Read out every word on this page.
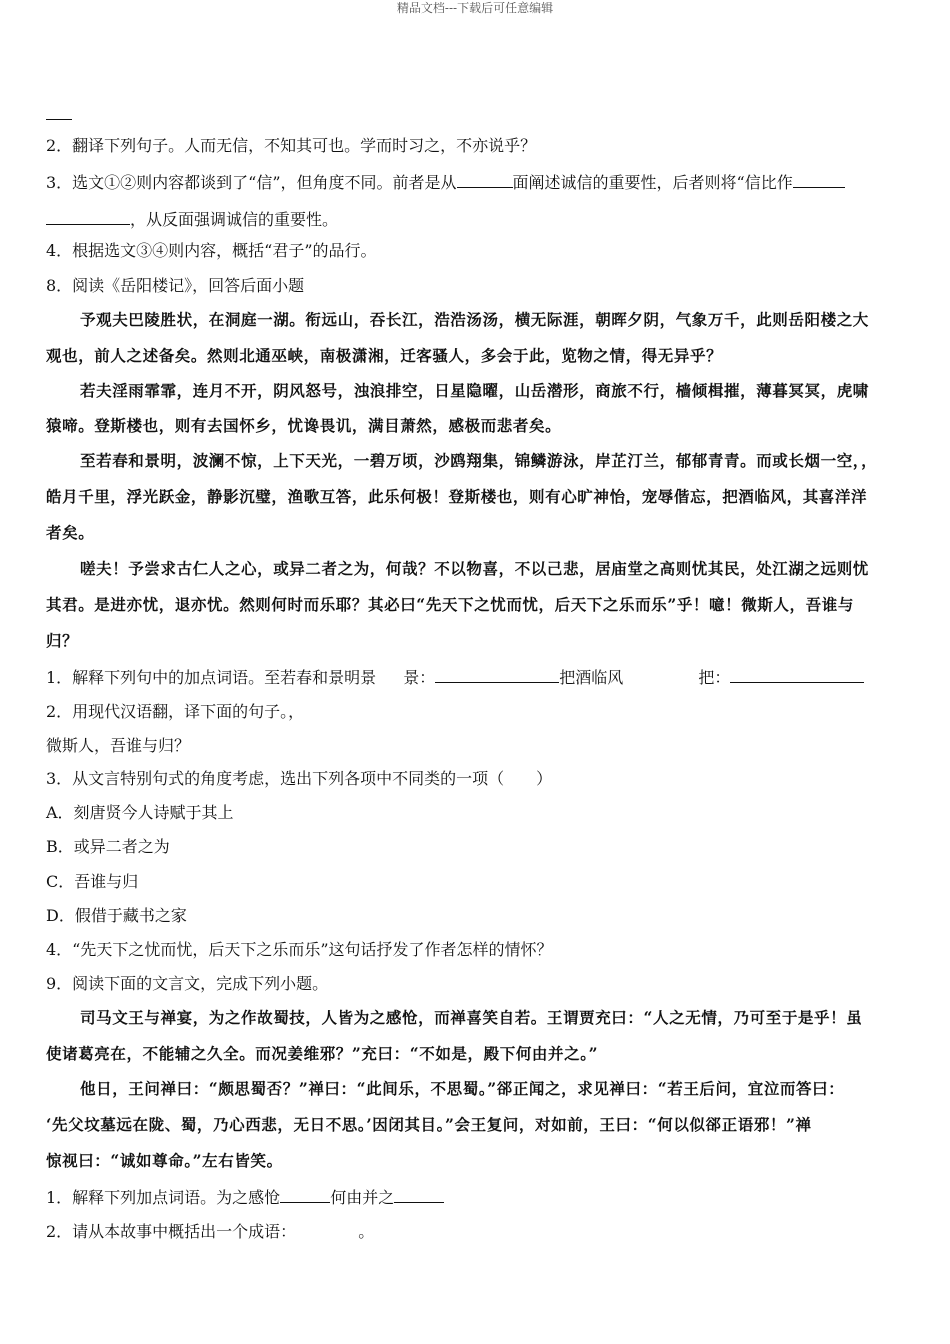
精品文档---下载后可任意编辑
2．翻译下列句子。人而无信，不知其可也。学而时习之，不亦说乎？
3．选文①②则内容都谈到了“信”，但角度不同。前者是从	面阐述诚信的重要性，后者则将“信比作
，从反面强调诚信的重要性。
4．根据选文③④则内容，概括“君子”的品行。
8．阅读《岳阳楼记》，回答后面小题
予观夫巴陵胜状，在洞庭一湖。衔远山，吞长江，浩浩汤汤，横无际涯，朝晖夕阴，气象万千，此则岳阳楼之大
观也，前人之述备矣。然则北通巫峡，南极潇湘，迁客骚人，多会于此，览物之情，得无异乎？
若夫淫雨霏霏，连月不开，阴风怒号，浊浪排空，日星隐曜，山岳潜形，商旅不行，樯倾楫摧，薄暮冥冥，虎啸
猿啼。登斯楼也，则有去国怀乡，忧谗畏讥，满目萧然，感极而悲者矣。
至若春和景明，波澜不惊，上下天光，一碧万顷，沙鸥翔集，锦鳞游泳，岸芷汀兰，郁郁青青。而或长烟一空，，
皓月千里，浮光跃金，静影沉璧，渔歌互答，此乐何极！登斯楼也，则有心旷神怡，宠辱偕忘，把酒临风，其喜洋洋
者矣。
嗟夫！予尝求古仁人之心，或异二者之为，何哉？不以物喜，不以己悲，居庙堂之高则忧其民，处江湖之远则忧
其君。是进亦忧，退亦忧。然则何时而乐耶？其必曰“先天下之忧而忧，后天下之乐而乐”乎！噫！微斯人，吾谁与
归？
1．解释下列句中的加点词语。至若春和景明景 景：	把酒临风	把：
2．用现代汉语翻，译下面的句子。，
微斯人，吾谁与归？
3．从文言特别句式的角度考虑，选出下列各项中不同类的一项（　　）
A．刻唐贤今人诗赋于其上
B．或异二者之为
C．吾谁与归
D．假借于藏书之家
4．“先天下之忧而忧，后天下之乐而乐”这句话抒发了作者怎样的情怀？
9．阅读下面的文言文，完成下列小题。
司马文王与禅宴，为之作故蜀技，人皆为之感怆，而禅喜笑自若。王谓贾充曰：“人之无情，乃可至于是乎！虽
使诸葛亮在，不能辅之久全。而况姜维邪？”充曰：“不如是，殿下何由并之。”
他日，王问禅曰：“颇思蜀否？”禅曰：“此间乐，不思蜀。”郤正闻之，求见禅曰：“若王后问，宜泣而答曰：
‘先父坟墓远在陇、蜀，乃心西悲，无日不思。’因闭其目。”会王复问，对如前，王曰：“何以似郤正语邪！”禅
惊视曰：“诚如尊命。”左右皆笑。
1．解释下列加点词语。为之感怆	何由并之
2．请从本故事中概括出一个成语：	。
